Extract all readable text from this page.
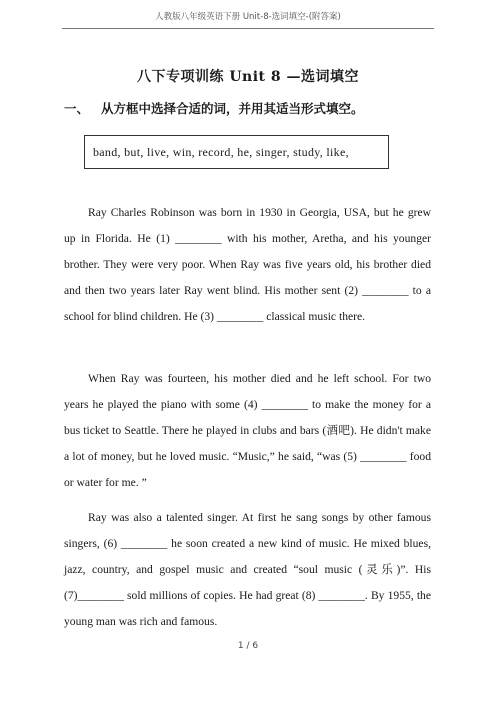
人教版八年级英语下册 Unit-8-选词填空-(附答案)
八下专项训练 Unit 8 —选词填空
一、 从方框中选择合适的词，并用其适当形式填空。
band, but, live, win, record, he, singer, study, like,

Ray Charles Robinson was born in 1930 in Georgia, USA, but he grew up in Florida. He (1) ________ with his mother, Aretha, and his younger brother. They were very poor. When Ray was five years old, his brother died and then two years later Ray went blind. His mother sent (2) ________ to a school for blind children. He (3) ________ classical music there.

When Ray was fourteen, his mother died and he left school. For two years he played the piano with some (4) ________ to make the money for a bus ticket to Seattle. There he played in clubs and bars (酒吧). He didn't make a lot of money, but he loved music. “Music,” he said, “was (5) ________ food or water for me. ”

Ray was also a talented singer. At first he sang songs by other famous singers, (6) ________ he soon created a new kind of music. He mixed blues, jazz, country, and gospel music and created “soul music (灵乐)”. His (7)________ sold millions of copies. He had great (8) ________. By 1955, the young man was rich and famous.

1 / 6
